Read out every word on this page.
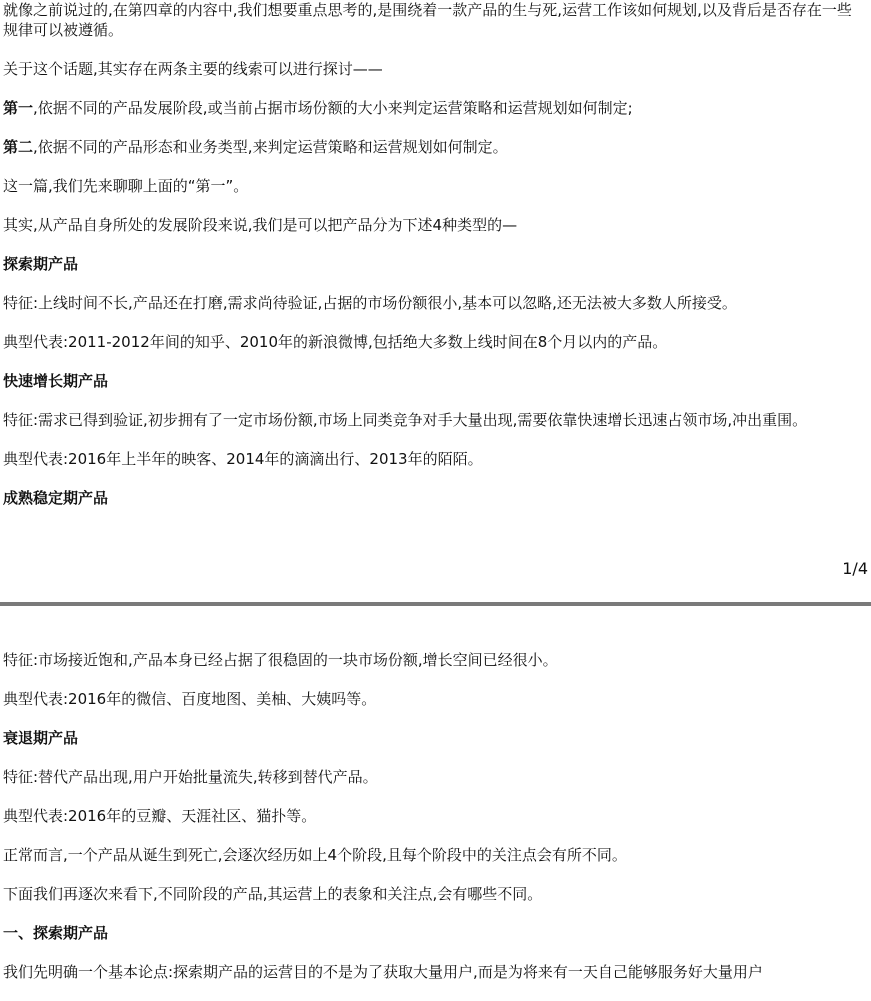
就像之前说过的,在第四章的内容中,我们想要重点思考的,是围绕着一款产品的生与死,运营工作该如何规划,以及背后是否存在一些规律可以被遵循。

关于这个话题,其实存在两条主要的线索可以进行探讨——

第一,依据不同的产品发展阶段,或当前占据市场份额的大小来判定运营策略和运营规划如何制定;

第二,依据不同的产品形态和业务类型,来判定运营策略和运营规划如何制定。

这一篇,我们先来聊聊上面的“第一”。

其实,从产品自身所处的发展阶段来说,我们是可以把产品分为下述4种类型的—

探索期产品

特征:上线时间不长,产品还在打磨,需求尚待验证,占据的市场份额很小,基本可以忽略,还无法被大多数人所接受。

典型代表:2011-2012年间的知乎、2010年的新浪微博,包括绝大多数上线时间在8个月以内的产品。

快速增长期产品

特征:需求已得到验证,初步拥有了一定市场份额,市场上同类竞争对手大量出现,需要依靠快速增长迅速占领市场,冲出重围。

典型代表:2016年上半年的映客、2014年的滴滴出行、2013年的陌陌。

成熟稳定期产品

1/4

特征:市场接近饱和,产品本身已经占据了很稳固的一块市场份额,增长空间已经很小。

典型代表:2016年的微信、百度地图、美柚、大姨吗等。

衰退期产品

特征:替代产品出现,用户开始批量流失,转移到替代产品。

典型代表:2016年的豆瓣、天涯社区、猫扑等。

正常而言,一个产品从诞生到死亡,会逐次经历如上4个阶段,且每个阶段中的关注点会有所不同。

下面我们再逐次来看下,不同阶段的产品,其运营上的表象和关注点,会有哪些不同。

一、探索期产品

我们先明确一个基本论点:探索期产品的运营目的不是为了获取大量用户,而是为将来有一天自己能够服务好大量用户
